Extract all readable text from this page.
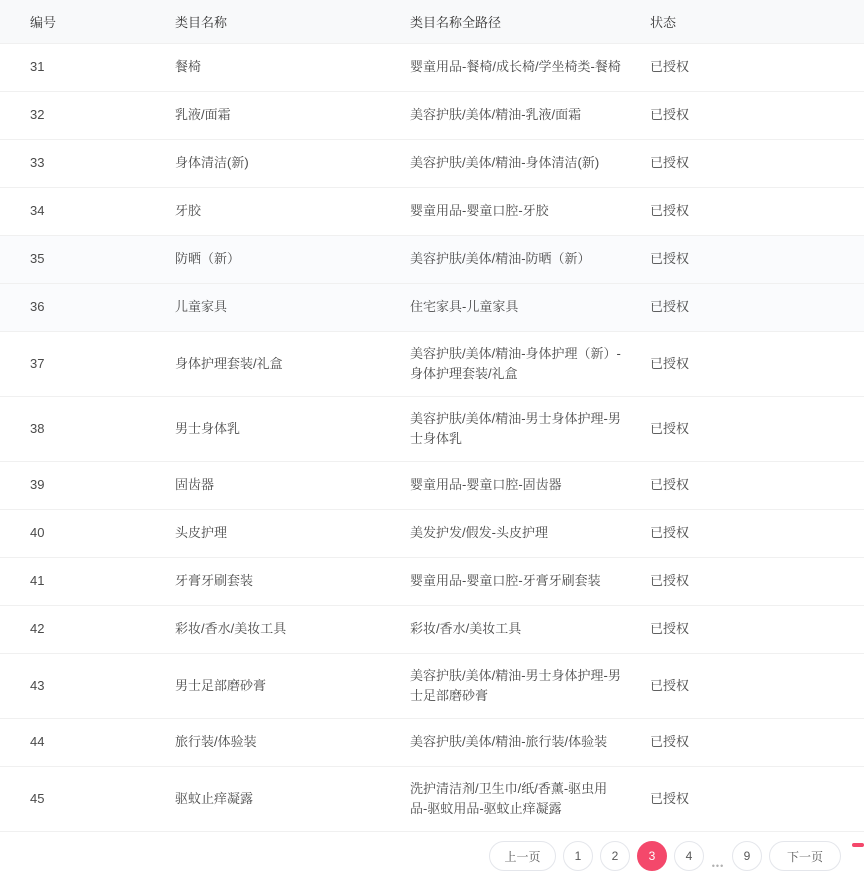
编号	类目名称	类目名称全路径	状态
31	餐椅	婴童用品-餐椅/成长椅/学坐椅类-餐椅	已授权
32	乳液/面霜	美容护肤/美体/精油-乳液/面霜	已授权
33	身体清洁(新)	美容护肤/美体/精油-身体清洁(新)	已授权
34	牙胶	婴童用品-婴童口腔-牙胶	已授权
35	防晒（新）	美容护肤/美体/精油-防晒（新）	已授权
36	儿童家具	住宅家具-儿童家具	已授权
37	身体护理套装/礼盒	美容护肤/美体/精油-身体护理（新）-身体护理套装/礼盒	已授权
38	男士身体乳	美容护肤/美体/精油-男士身体护理-男士身体乳	已授权
39	固齿器	婴童用品-婴童口腔-固齿器	已授权
40	头皮护理	美发护发/假发-头皮护理	已授权
41	牙膏牙刷套装	婴童用品-婴童口腔-牙膏牙刷套装	已授权
42	彩妆/香水/美妆工具	彩妆/香水/美妆工具	已授权
43	男士足部磨砂膏	美容护肤/美体/精油-男士身体护理-男士足部磨砂膏	已授权
44	旅行装/体验装	美容护肤/美体/精油-旅行装/体验装	已授权
45	驱蚊止痒凝露	洗护清洁剂/卫生巾/纸/香薰-驱虫用品-驱蚊用品-驱蚊止痒凝露	已授权
上一页	1	2	3	4
•••
9	下一页
